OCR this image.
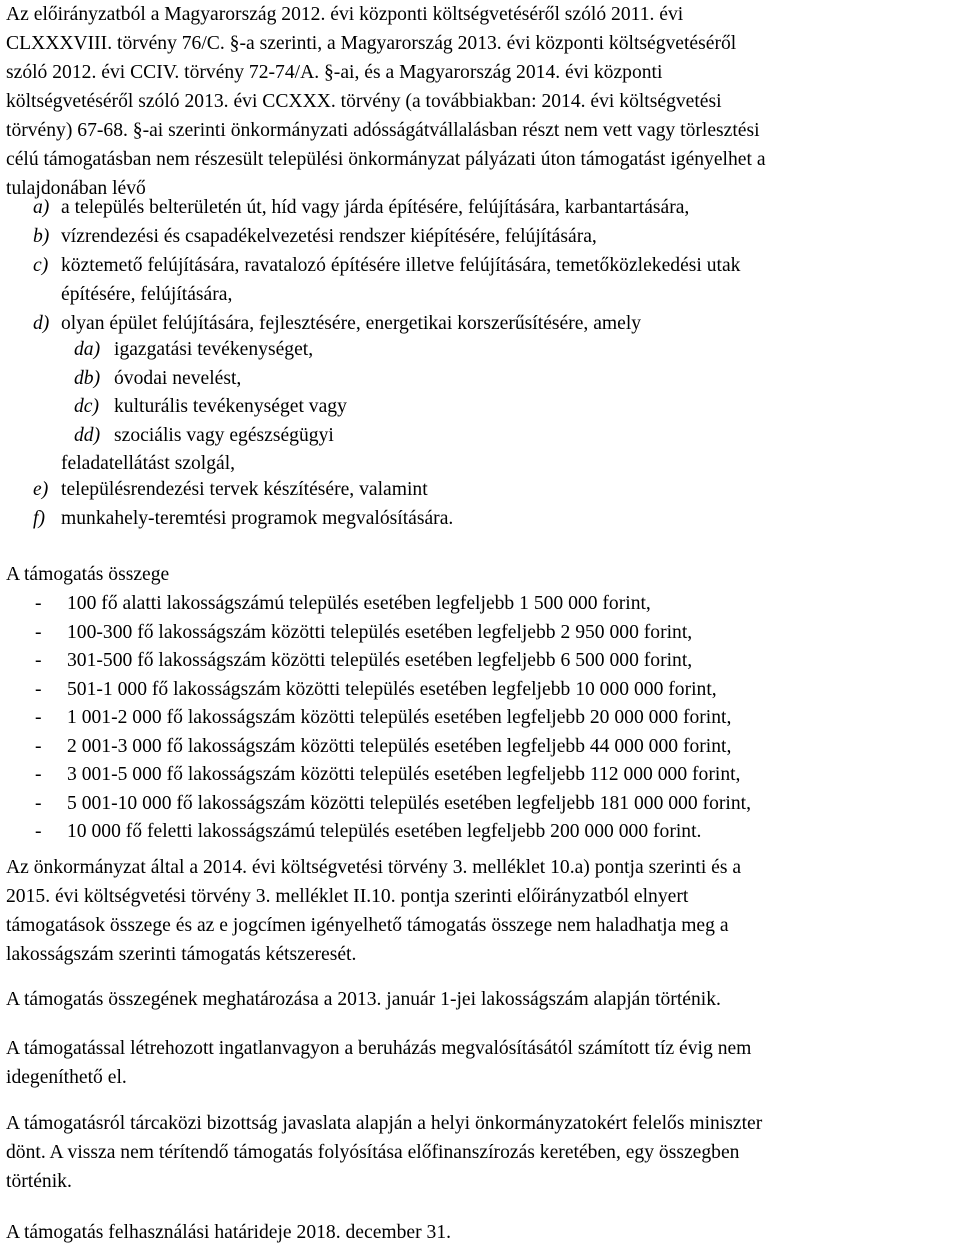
Az előirányzatból a Magyarország 2012. évi központi költségvetéséről szóló 2011. évi
CLXXXVIII. törvény 76/C. §-a szerinti, a Magyarország 2013. évi központi költségvetéséről
szóló 2012. évi CCIV. törvény 72-74/A. §-ai, és a Magyarország 2014. évi központi
költségvetéséről szóló 2013. évi CCXXX. törvény (a továbbiakban: 2014. évi költségvetési
törvény) 67-68. §-ai szerinti önkormányzati adósságátvállalásban részt nem vett vagy törlesztési
célú támogatásban nem részesült települési önkormányzat pályázati úton támogatást igényelhet a
tulajdonában lévő
a) a település belterületén út, híd vagy járda építésére, felújítására, karbantartására,
b) vízrendezési és csapadékelvezetési rendszer kiépítésére, felújítására,
c) köztemető felújítására, ravatalozó építésére illetve felújítására, temetőközlekedési utak
építésére, felújítására,
d) olyan épület felújítására, fejlesztésére, energetikai korszerűsítésére, amely
da) igazgatási tevékenységet,
db) óvodai nevelést,
dc) kulturális tevékenységet vagy
dd) szociális vagy egészségügyi
feladatellátást szolgál,
e) településrendezési tervek készítésére, valamint
f) munkahely-teremtési programok megvalósítására.
A támogatás összege
- 100 fő alatti lakosságszámú település esetében legfeljebb 1 500 000 forint,
- 100-300 fő lakosságszám közötti település esetében legfeljebb 2 950 000 forint,
- 301-500 fő lakosságszám közötti település esetében legfeljebb 6 500 000 forint,
- 501-1 000 fő lakosságszám közötti település esetében legfeljebb 10 000 000 forint,
- 1 001-2 000 fő lakosságszám közötti település esetében legfeljebb 20 000 000 forint,
- 2 001-3 000 fő lakosságszám közötti település esetében legfeljebb 44 000 000 forint,
- 3 001-5 000 fő lakosságszám közötti település esetében legfeljebb 112 000 000 forint,
- 5 001-10 000 fő lakosságszám közötti település esetében legfeljebb 181 000 000 forint,
- 10 000 fő feletti lakosságszámú település esetében legfeljebb 200 000 000 forint.
Az önkormányzat által a 2014. évi költségvetési törvény 3. melléklet 10.a) pontja szerinti és a
2015. évi költségvetési törvény 3. melléklet II.10. pontja szerinti előirányzatból elnyert
támogatások összege és az e jogcímen igényelhető támogatás összege nem haladhatja meg a
lakosságszám szerinti támogatás kétszeresét.
A támogatás összegének meghatározása a 2013. január 1-jei lakosságszám alapján történik.
A támogatással létrehozott ingatlanvagyon a beruházás megvalósításától számított tíz évig nem
idegeníthető el.
A támogatásról tárcaközi bizottság javaslata alapján a helyi önkormányzatokért felelős miniszter
dönt. A vissza nem térítendő támogatás folyósítása előfinanszírozás keretében, egy összegben
történik.
A támogatás felhasználási határideje 2018. december 31.
